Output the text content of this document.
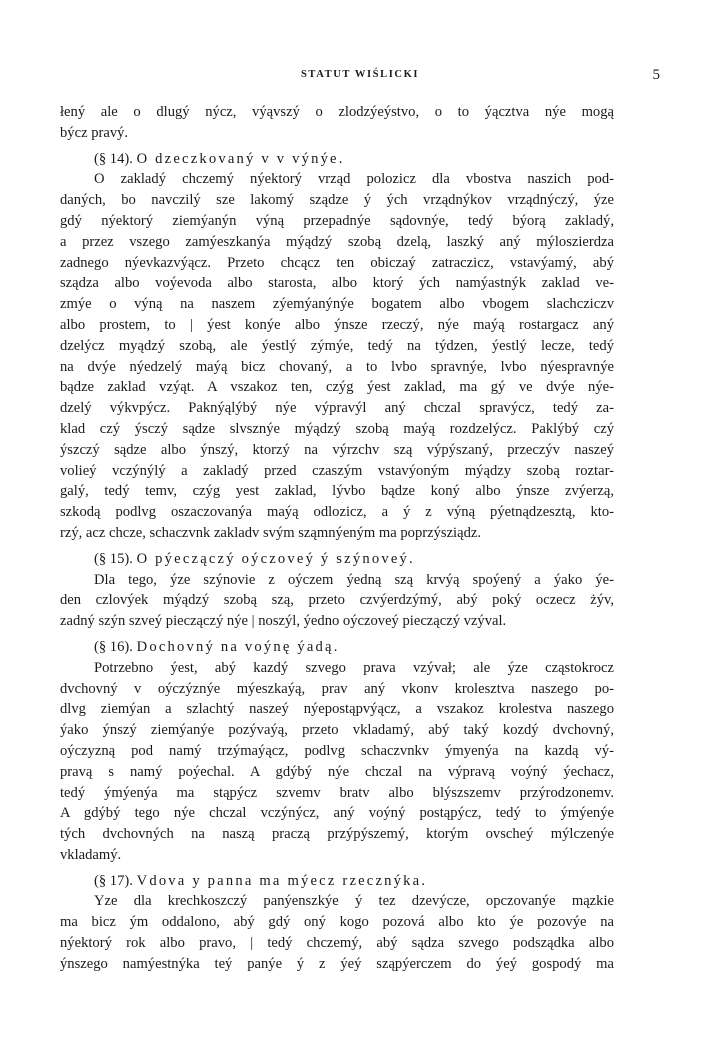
STATUT WIŚLICKI	5

łený ale o dlugý nýcz, výąvszý o zlodzýeýstvo, o to ýącztva nýe mogą

býcz pravý.

(§ 14). O dzeczkovaný v v výnýe.

O zakladý chczemý nýektorý vrząd polozicz dla vbostva naszich pod-

daných, bo navczilý sze lakomý sządze ý ých vrządnýkov vrządnýczý, ýze

gdý nýektorý ziemýanýn výną przepadnýe sądovnýe, tedý býorą zakladý,

a przez vszego zamýeszkanýa mýądzý szobą dzelą, laszký aný mýloszierdza

zadnego nýevkazvýącz. Przeto chcącz ten obiczaý zatraczicz, vstavýamý, abý

sządza albo voýevoda albo starosta, albo ktorý ých namýastnýk zaklad ve-

zmýe o výną na naszem zýemýanýnýe bogatem albo vbogem slachcziczv

albo prostem, to | ýest konýe albo ýnsze rzeczý, nýe maýą rostargacz aný

dzelýcz myądzý szobą, ale ýestlý zýmýe, tedý na týdzen, ýestlý lecze, tedý

na dvýe nýedzelý maýą bicz chovaný, a to lvbo spravnýe, lvbo nýespravnýe

bądze zaklad vzýąt. A vszakoz ten, czýg ýest zaklad, ma gý ve dvýe nýe-

dzelý výkvpýcz. Paknýąlýbý nýe výpravýl aný chczal spravýcz, tedý za-

klad czý ýsczý sądze slvsznýe mýądzý szobą maýą rozdzelýcz. Paklýbý czý

ýszczý sądze albo ýnszý, ktorzý na výrzchv szą výpýszaný, przeczýv naszeý

volieý vczýnýlý a zakladý przed czaszým vstavýoným mýądzy szobą roztar-

galý, tedý temv, czýg yest zaklad, lývbo bądze koný albo ýnsze zvýerzą,

szkodą podlvg oszaczovanýa maýą odlozicz, a ý z výną pýetnądzesztą, kto-

rzý, acz chcze, schaczvnk zakladv svým sząmnýeným ma poprzýsziądz.

(§ 15). O pýeczączý oýczoveý ý szýnoveý.

Dla tego, ýze szýnovie z oýczem ýedną szą krvýą spoýený a ýako ýe-

den czlovýek mýądzý szobą szą, przeto czvýerdzýmý, abý poký oczecz żýv,

zadný szýn szveý pieczączý nýe | noszýl, ýedno oýczoveý pieczączý vzýval.

(§ 16). Dochovný na voýnę ýadą.

Potrzebno ýest, abý kazdý szvego prava vzývał; ale ýze cząstokrocz

dvchovný v oýczýznýe mýeszkaýą, prav aný vkonv krolesztva naszego po-

dlvg ziemýan a szlachtý naszeý nýepostąpvýącz, a vszakoz krolestva naszego

ýako ýnszý ziemýanýe pozývaýą, przeto vkladamý, abý taký kozdý dvchovný,

oýczyzną pod namý trzýmaýącz, podlvg schaczvnkv ýmyenýa na kazdą vý-

pravą s namý poýechal. A gdýbý nýe chczal na výpravą voýný ýechacz,

tedý ýmýenýa ma stąpýcz szvemv bratv albo blýszszemv przýrodzonemv.

A gdýbý tego nýe chczal vczýnýcz, aný voýný postąpýcz, tedý to ýmýenýe

tých dvchovných na naszą praczą przýpýszemý, ktorým ovscheý mýlczenýe

vkladamý.

(§ 17). Vdova y panna ma mýecz rzecznýka.

Yze dla krechkoszczý panýenszkýe ý tez dzevýcze, opczovanýe mązkie

ma bicz ým oddalono, abý gdý oný kogo pozová albo kto ýe pozovýe na

nýektorý rok albo pravo, | tedý chczemý, abý sądza szvego podsządka albo

ýnszego namýestnýka teý panýe ý z ýeý sząpýerczem do ýeý gospodý ma
